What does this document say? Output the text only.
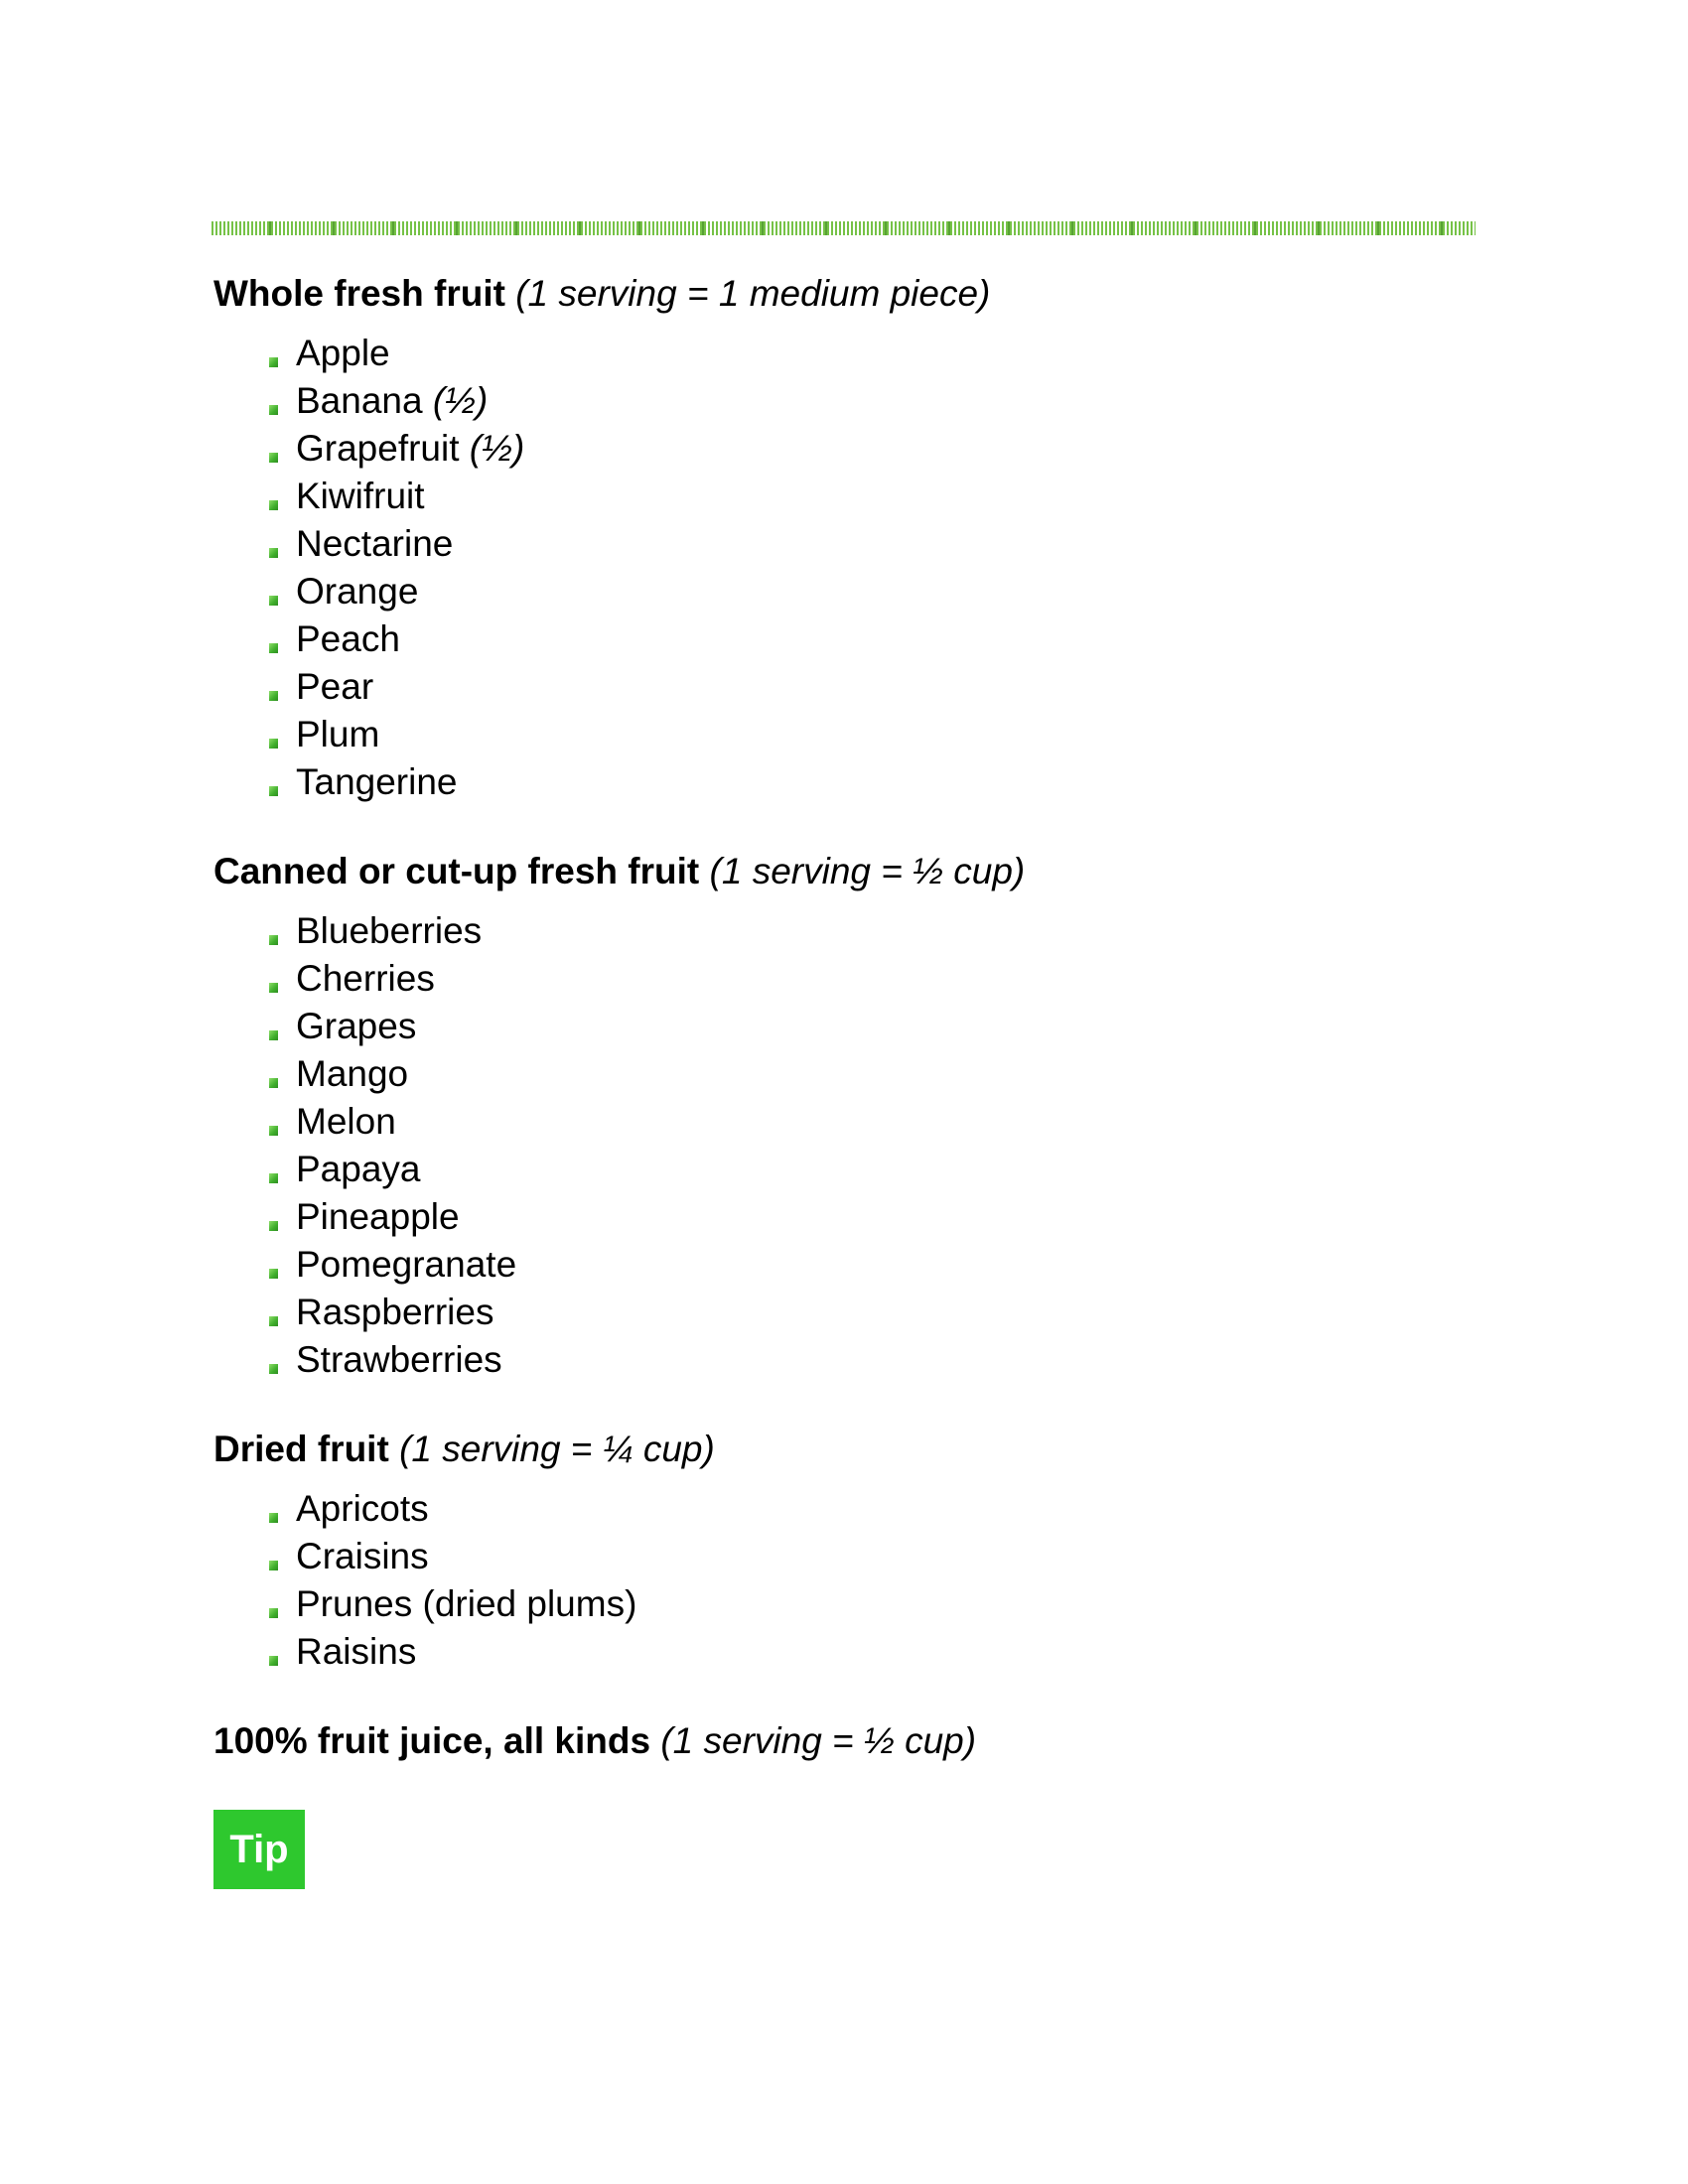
Whole fresh fruit (1 serving = 1 medium piece)
Apple
Banana (½)
Grapefruit (½)
Kiwifruit
Nectarine
Orange
Peach
Pear
Plum
Tangerine
Canned or cut-up fresh fruit (1 serving = ½ cup)
Blueberries
Cherries
Grapes
Mango
Melon
Papaya
Pineapple
Pomegranate
Raspberries
Strawberries
Dried fruit (1 serving = ¼ cup)
Apricots
Craisins
Prunes (dried plums)
Raisins
100% fruit juice, all kinds (1 serving = ½ cup)
Tip
